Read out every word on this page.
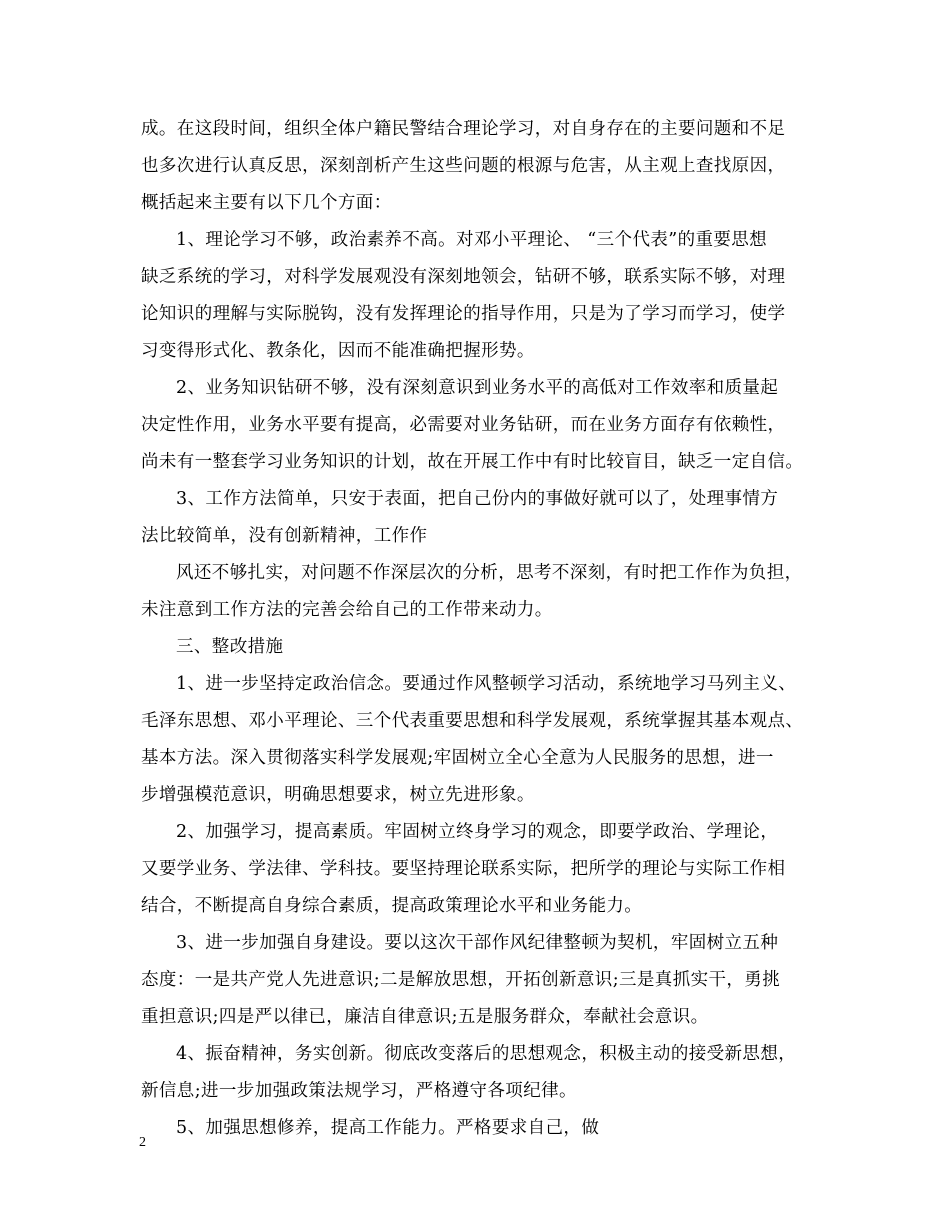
成。在这段时间，组织全体户籍民警结合理论学习，对自身存在的主要问题和不足
也多次进行认真反思，深刻剖析产生这些问题的根源与危害，从主观上查找原因，
概括起来主要有以下几个方面：
1、理论学习不够，政治素养不高。对邓小平理论、 “三个代表”的重要思想
缺乏系统的学习，对科学发展观没有深刻地领会，钻研不够，联系实际不够，对理
论知识的理解与实际脱钩，没有发挥理论的指导作用，只是为了学习而学习，使学
习变得形式化、教条化，因而不能准确把握形势。
2、业务知识钻研不够，没有深刻意识到业务水平的高低对工作效率和质量起
决定性作用，业务水平要有提高，必需要对业务钻研，而在业务方面存有依赖性，
尚未有一整套学习业务知识的计划，故在开展工作中有时比较盲目，缺乏一定自信。
3、工作方法简单，只安于表面，把自己份内的事做好就可以了，处理事情方
法比较简单，没有创新精神，工作作
风还不够扎实，对问题不作深层次的分析，思考不深刻，有时把工作作为负担，
未注意到工作方法的完善会给自己的工作带来动力。
三、整改措施
1、进一步坚持定政治信念。要通过作风整顿学习活动，系统地学习马列主义、
毛泽东思想、邓小平理论、三个代表重要思想和科学发展观，系统掌握其基本观点、
基本方法。深入贯彻落实科学发展观;牢固树立全心全意为人民服务的思想，进一
步增强模范意识，明确思想要求，树立先进形象。
2、加强学习，提高素质。牢固树立终身学习的观念，即要学政治、学理论，
又要学业务、学法律、学科技。要坚持理论联系实际，把所学的理论与实际工作相
结合，不断提高自身综合素质，提高政策理论水平和业务能力。
3、进一步加强自身建设。要以这次干部作风纪律整顿为契机，牢固树立五种
态度：一是共产党人先进意识;二是解放思想，开拓创新意识;三是真抓实干，勇挑
重担意识;四是严以律已，廉洁自律意识;五是服务群众，奉献社会意识。
4、振奋精神，务实创新。彻底改变落后的思想观念，积极主动的接受新思想，
新信息;进一步加强政策法规学习，严格遵守各项纪律。
5、加强思想修养，提高工作能力。严格要求自己，做
2
